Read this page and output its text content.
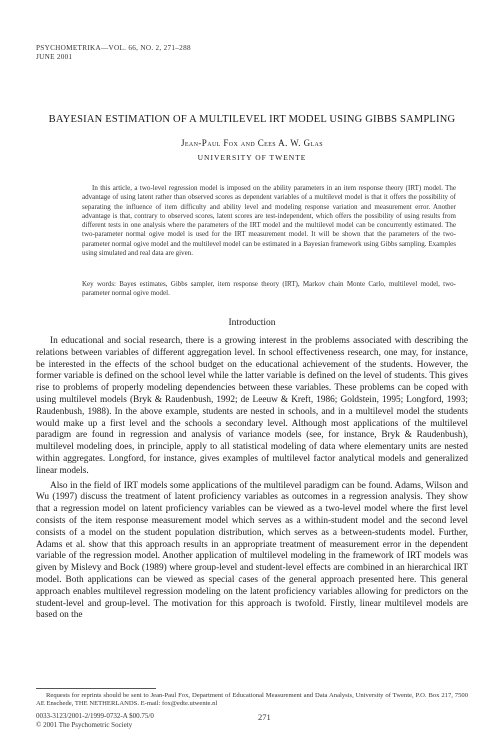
PSYCHOMETRIKA—VOL. 66, NO. 2, 271–288
JUNE 2001
BAYESIAN ESTIMATION OF A MULTILEVEL IRT MODEL USING GIBBS SAMPLING
Jean-Paul Fox and Cees A. W. Glas
UNIVERSITY OF TWENTE

In this article, a two-level regression model is imposed on the ability parameters in an item response theory (IRT) model. The advantage of using latent rather than observed scores as dependent variables of a multilevel model is that it offers the possibility of separating the influence of item difficulty and ability level and modeling response variation and measurement error. Another advantage is that, contrary to observed scores, latent scores are test-independent, which offers the possibility of using results from different tests in one analysis where the parameters of the IRT model and the multilevel model can be concurrently estimated. The two-parameter normal ogive model is used for the IRT measurement model. It will be shown that the parameters of the two-parameter normal ogive model and the multilevel model can be estimated in a Bayesian framework using Gibbs sampling. Examples using simulated and real data are given.

Key words: Bayes estimates, Gibbs sampler, item response theory (IRT), Markov chain Monte Carlo, multilevel model, two-parameter normal ogive model.

Introduction

In educational and social research, there is a growing interest in the problems associated with describing the relations between variables of different aggregation level. In school effectiveness research, one may, for instance, be interested in the effects of the school budget on the educational achievement of the students. However, the former variable is defined on the school level while the latter variable is defined on the level of students. This gives rise to problems of properly modeling dependencies between these variables. These problems can be coped with using multilevel models (Bryk & Raudenbush, 1992; de Leeuw & Kreft, 1986; Goldstein, 1995; Longford, 1993; Raudenbush, 1988). In the above example, students are nested in schools, and in a multilevel model the students would make up a first level and the schools a secondary level. Although most applications of the multilevel paradigm are found in regression and analysis of variance models (see, for instance, Bryk & Raudenbush), multilevel modeling does, in principle, apply to all statistical modeling of data where elementary units are nested within aggregates. Longford, for instance, gives examples of multilevel factor analytical models and generalized linear models.

Also in the field of IRT models some applications of the multilevel paradigm can be found. Adams, Wilson and Wu (1997) discuss the treatment of latent proficiency variables as outcomes in a regression analysis. They show that a regression model on latent proficiency variables can be viewed as a two-level model where the first level consists of the item response measurement model which serves as a within-student model and the second level consists of a model on the student population distribution, which serves as a between-students model. Further, Adams et al. show that this approach results in an appropriate treatment of measurement error in the dependent variable of the regression model. Another application of multilevel modeling in the framework of IRT models was given by Mislevy and Bock (1989) where group-level and student-level effects are combined in an hierarchical IRT model. Both applications can be viewed as special cases of the general approach presented here. This general approach enables multilevel regression modeling on the latent proficiency variables allowing for predictors on the student-level and group-level. The motivation for this approach is twofold. Firstly, linear multilevel models are based on the

Requests for reprints should be sent to Jean-Paul Fox, Department of Educational Measurement and Data Analysis, University of Twente, P.O. Box 217, 7500 AE Enschede, THE NETHERLANDS. E-mail: fox@edte.utwente.nl

0033-3123/2001-2/1999-0732-A $00.75/0
© 2001 The Psychometric Society
271
